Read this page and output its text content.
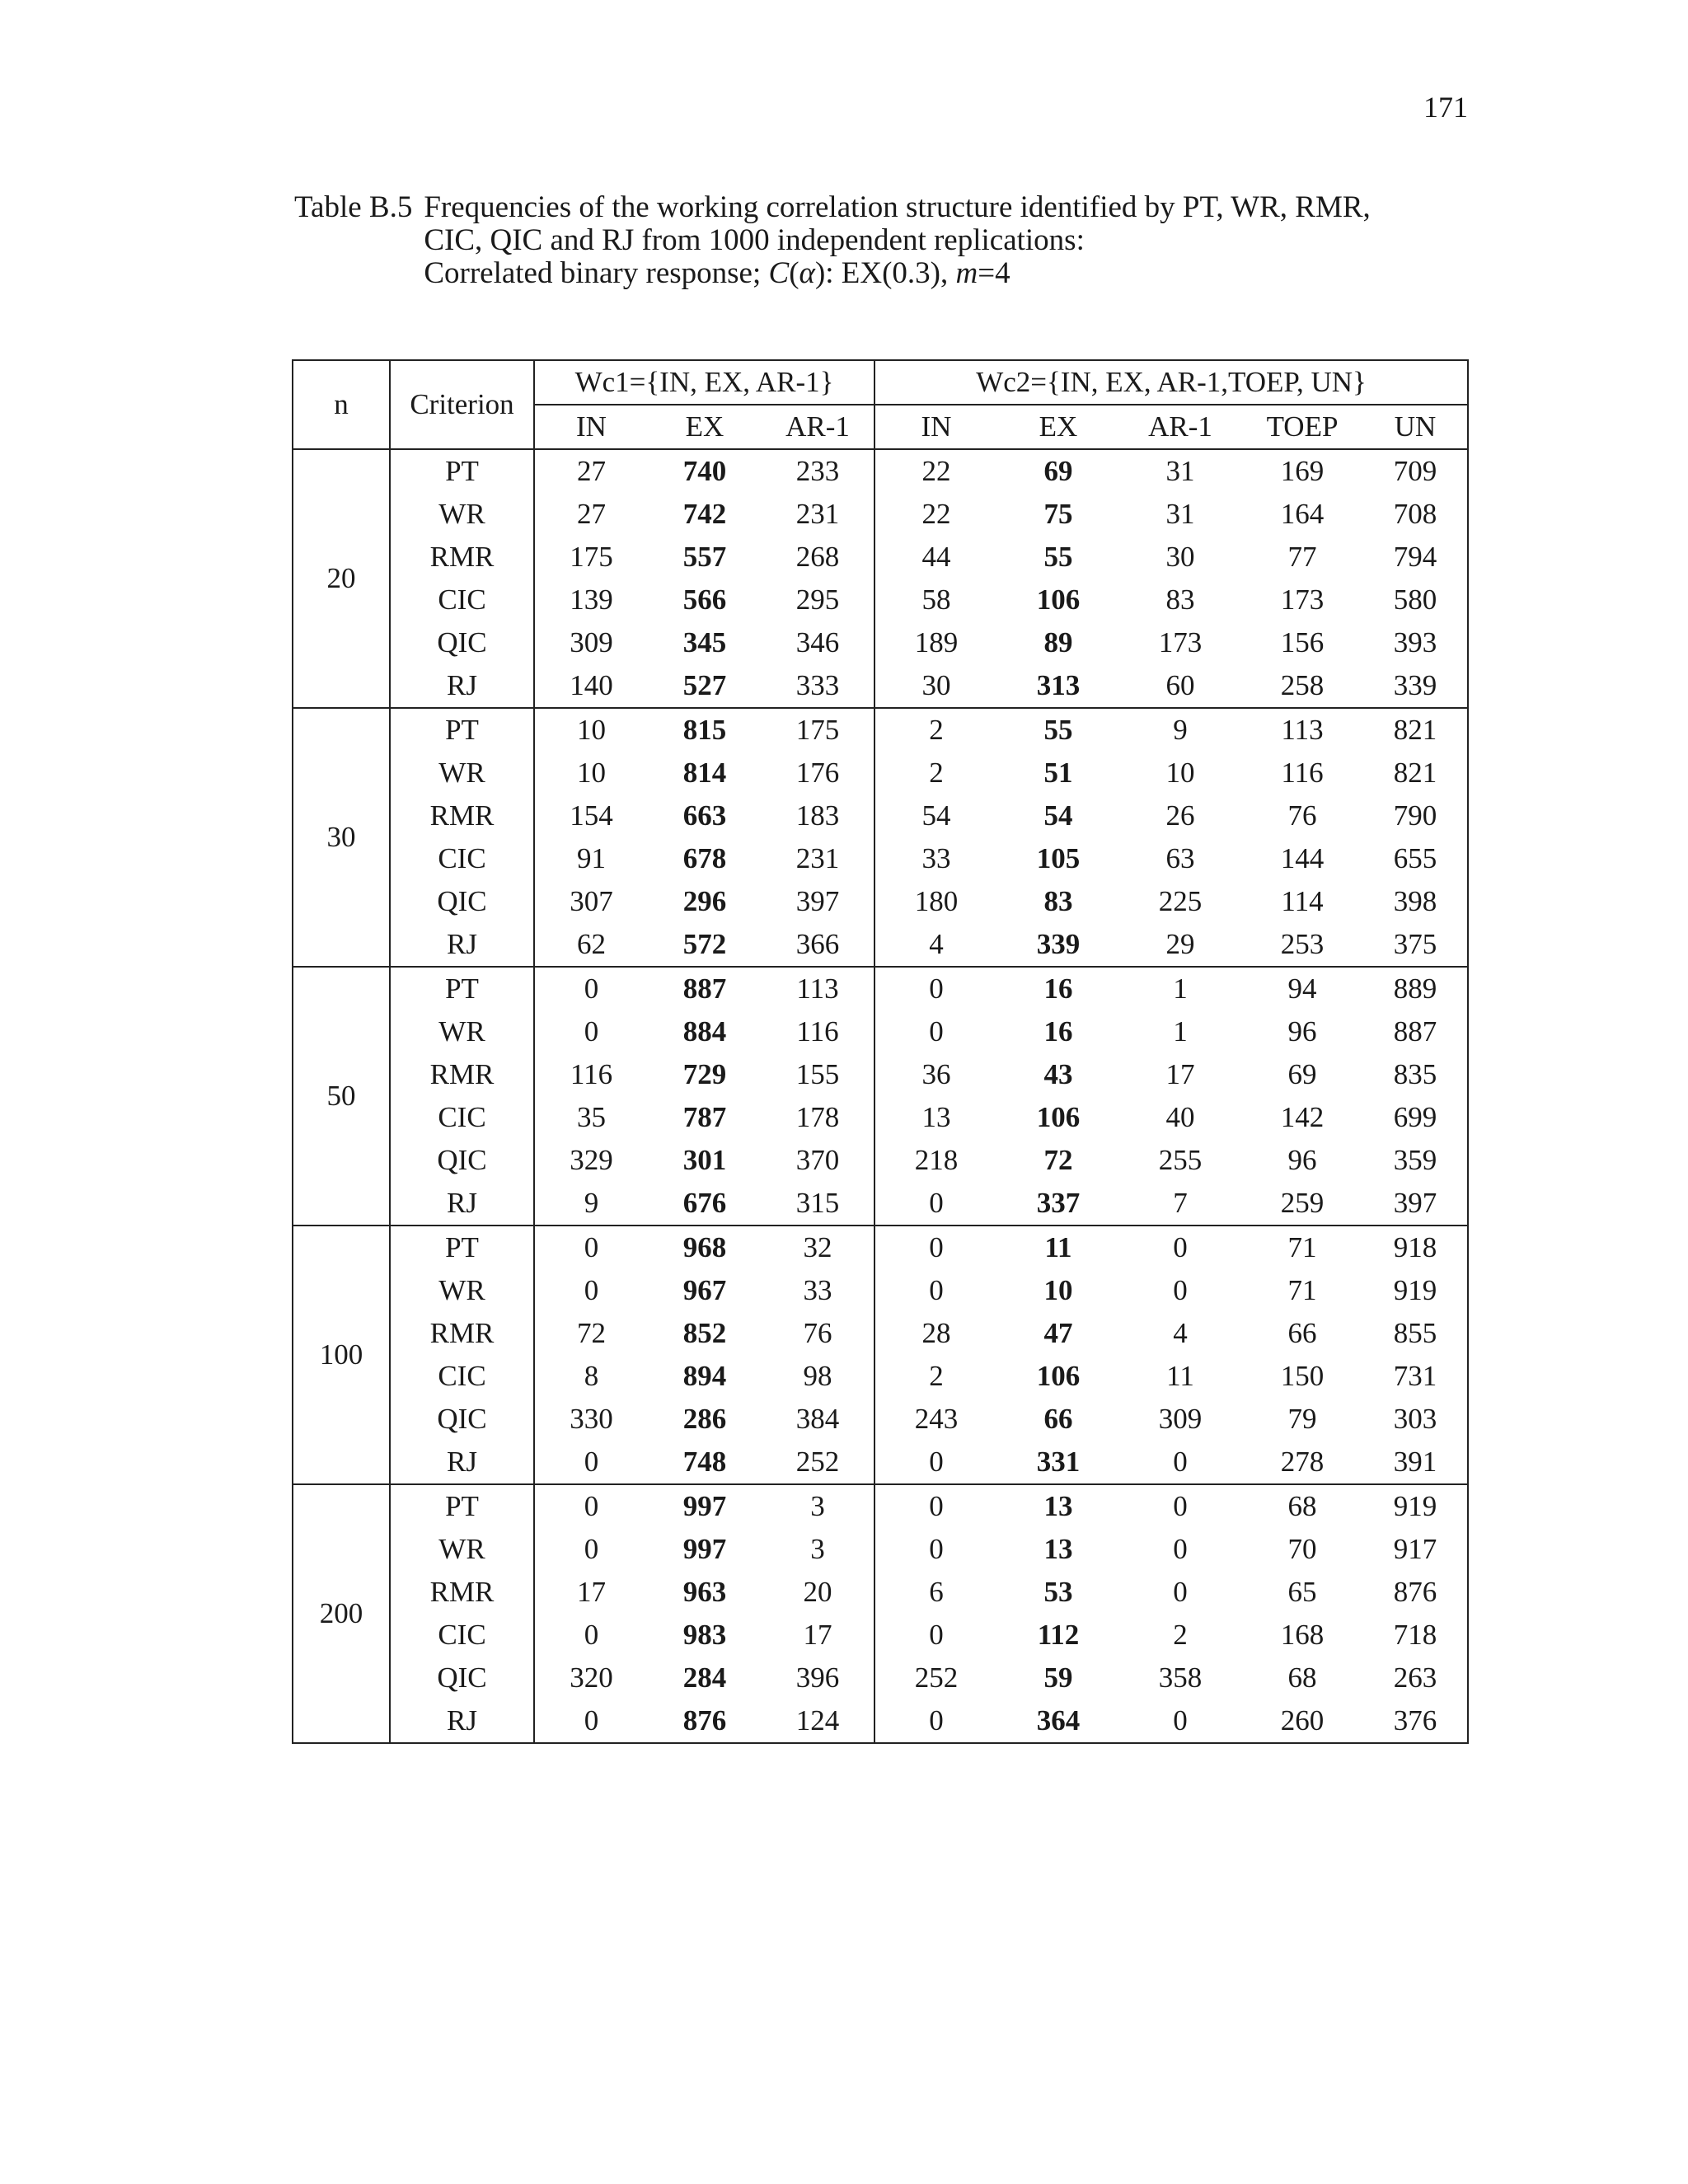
171
Table B.5 Frequencies of the working correlation structure identified by PT, WR, RMR,
CIC, QIC and RJ from 1000 independent replications:
Correlated binary response; C(α): EX(0.3), m=4
n	Criterion	Wc1={IN, EX, AR-1}			Wc2={IN, EX, AR-1,TOEP, UN}				
		IN	EX	AR-1	IN	EX	AR-1	TOEP	UN
20	PT	27	740	233	22	69	31	169	709
	WR	27	742	231	22	75	31	164	708
	RMR	175	557	268	44	55	30	77	794
	CIC	139	566	295	58	106	83	173	580
	QIC	309	345	346	189	89	173	156	393
	RJ	140	527	333	30	313	60	258	339
30	PT	10	815	175	2	55	9	113	821
	WR	10	814	176	2	51	10	116	821
	RMR	154	663	183	54	54	26	76	790
	CIC	91	678	231	33	105	63	144	655
	QIC	307	296	397	180	83	225	114	398
	RJ	62	572	366	4	339	29	253	375
50	PT	0	887	113	0	16	1	94	889
	WR	0	884	116	0	16	1	96	887
	RMR	116	729	155	36	43	17	69	835
	CIC	35	787	178	13	106	40	142	699
	QIC	329	301	370	218	72	255	96	359
	RJ	9	676	315	0	337	7	259	397
100	PT	0	968	32	0	11	0	71	918
	WR	0	967	33	0	10	0	71	919
	RMR	72	852	76	28	47	4	66	855
	CIC	8	894	98	2	106	11	150	731
	QIC	330	286	384	243	66	309	79	303
	RJ	0	748	252	0	331	0	278	391
200	PT	0	997	3	0	13	0	68	919
	WR	0	997	3	0	13	0	70	917
	RMR	17	963	20	6	53	0	65	876
	CIC	0	983	17	0	112	2	168	718
	QIC	320	284	396	252	59	358	68	263
	RJ	0	876	124	0	364	0	260	376
